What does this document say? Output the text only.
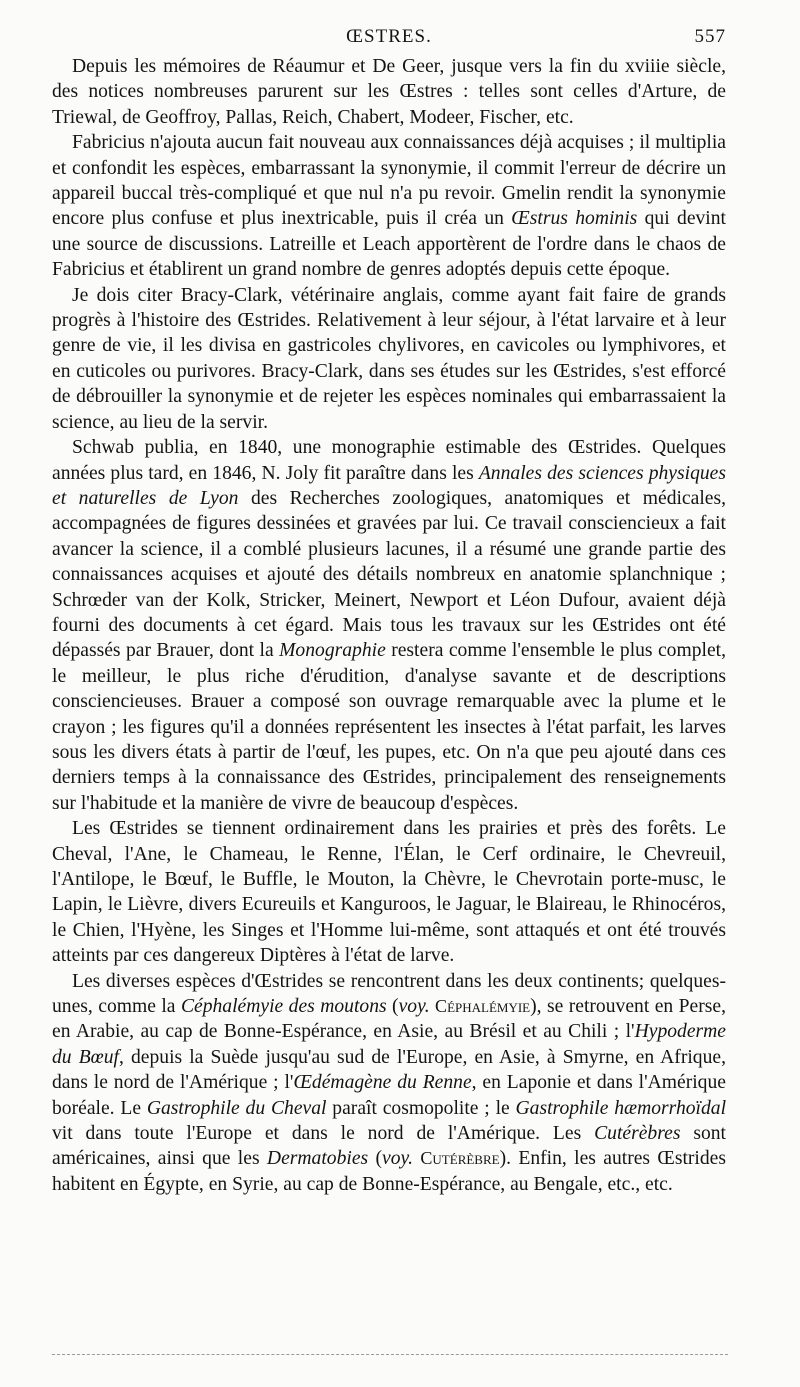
ŒSTRES.	557

Depuis les mémoires de Réaumur et De Geer, jusque vers la fin du xviiie siècle, des notices nombreuses parurent sur les Œstres : telles sont celles d'Arture, de Triewal, de Geoffroy, Pallas, Reich, Chabert, Modeer, Fischer, etc.

Fabricius n'ajouta aucun fait nouveau aux connaissances déjà acquises ; il multiplia et confondit les espèces, embarrassant la synonymie, il commit l'erreur de décrire un appareil buccal très-compliqué et que nul n'a pu revoir. Gmelin rendit la synonymie encore plus confuse et plus inextricable, puis il créa un Œstrus hominis qui devint une source de discussions. Latreille et Leach apportèrent de l'ordre dans le chaos de Fabricius et établirent un grand nombre de genres adoptés depuis cette époque.

Je dois citer Bracy-Clark, vétérinaire anglais, comme ayant fait faire de grands progrès à l'histoire des Œstrides. Relativement à leur séjour, à l'état larvaire et à leur genre de vie, il les divisa en gastricoles chylivores, en cavicoles ou lymphivores, et en cuticoles ou purivores. Bracy-Clark, dans ses études sur les Œstrides, s'est efforcé de débrouiller la synonymie et de rejeter les espèces nominales qui embarrassaient la science, au lieu de la servir.

Schwab publia, en 1840, une monographie estimable des Œstrides. Quelques années plus tard, en 1846, N. Joly fit paraître dans les Annales des sciences physiques et naturelles de Lyon des Recherches zoologiques, anatomiques et médicales, accompagnées de figures dessinées et gravées par lui. Ce travail consciencieux a fait avancer la science, il a comblé plusieurs lacunes, il a résumé une grande partie des connaissances acquises et ajouté des détails nombreux en anatomie splanchnique ; Schrœder van der Kolk, Stricker, Meinert, Newport et Léon Dufour, avaient déjà fourni des documents à cet égard. Mais tous les travaux sur les Œstrides ont été dépassés par Brauer, dont la Monographie restera comme l'ensemble le plus complet, le meilleur, le plus riche d'érudition, d'analyse savante et de descriptions consciencieuses. Brauer a composé son ouvrage remarquable avec la plume et le crayon ; les figures qu'il a données représentent les insectes à l'état parfait, les larves sous les divers états à partir de l'œuf, les pupes, etc. On n'a que peu ajouté dans ces derniers temps à la connaissance des Œstrides, principalement des renseignements sur l'habitude et la manière de vivre de beaucoup d'espèces.

Les Œstrides se tiennent ordinairement dans les prairies et près des forêts. Le Cheval, l'Ane, le Chameau, le Renne, l'Élan, le Cerf ordinaire, le Chevreuil, l'Antilope, le Bœuf, le Buffle, le Mouton, la Chèvre, le Chevrotain porte-musc, le Lapin, le Lièvre, divers Ecureuils et Kanguroos, le Jaguar, le Blaireau, le Rhinocéros, le Chien, l'Hyène, les Singes et l'Homme lui-même, sont attaqués et ont été trouvés atteints par ces dangereux Diptères à l'état de larve.

Les diverses espèces d'Œstrides se rencontrent dans les deux continents; quelques-unes, comme la Céphalémyie des moutons (voy. Céphalémyie), se retrouvent en Perse, en Arabie, au cap de Bonne-Espérance, en Asie, au Brésil et au Chili ; l'Hypoderme du Bœuf, depuis la Suède jusqu'au sud de l'Europe, en Asie, à Smyrne, en Afrique, dans le nord de l'Amérique ; l'Œdémagène du Renne, en Laponie et dans l'Amérique boréale. Le Gastrophile du Cheval paraît cosmopolite ; le Gastrophile hæmorrhoïdal vit dans toute l'Europe et dans le nord de l'Amérique. Les Cutérèbres sont américaines, ainsi que les Dermatobies (voy. Cutérèbre). Enfin, les autres Œstrides habitent en Égypte, en Syrie, au cap de Bonne-Espérance, au Bengale, etc., etc.
